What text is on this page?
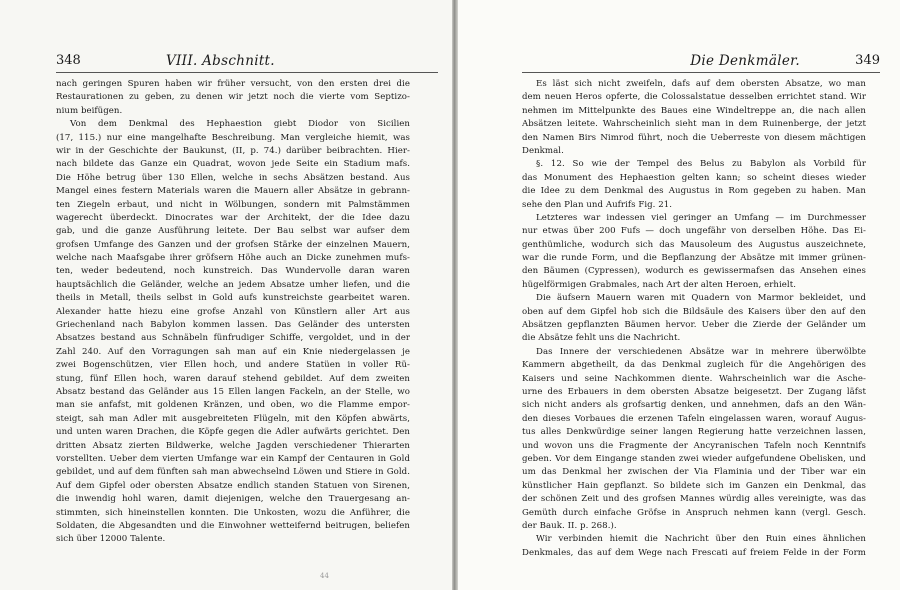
348	VIII. Abschnitt.
nach geringen Spuren haben wir früher versucht, von den ersten drei die
Restaurationen zu geben, zu denen wir jetzt noch die vierte vom Septizo-
nium beifügen.
Von dem Denkmal des Hephaestion giebt Diodor von Sicilien
(17, 115.) nur eine mangelhafte Beschreibung. Man vergleiche hiemit, was
wir in der Geschichte der Baukunst, (II, p. 74.) darüber beibrachten. Hier-
nach bildete das Ganze ein Quadrat, wovon jede Seite ein Stadium mafs.
Die Höhe betrug über 130 Ellen, welche in sechs Absätzen bestand. Aus
Mangel eines festern Materials waren die Mauern aller Absätze in gebrann-
ten Ziegeln erbaut, und nicht in Wölbungen, sondern mit Palmstämmen
wagerecht überdeckt. Dinocrates war der Architekt, der die Idee dazu
gab, und die ganze Ausführung leitete. Der Bau selbst war aufser dem
grofsen Umfange des Ganzen und der grofsen Stärke der einzelnen Mauern,
welche nach Maafsgabe ihrer gröfsern Höhe auch an Dicke zunehmen mufs-
ten, weder bedeutend, noch kunstreich. Das Wundervolle daran waren
hauptsächlich die Geländer, welche an jedem Absatze umher liefen, und die
theils in Metall, theils selbst in Gold aufs kunstreichste gearbeitet waren.
Alexander hatte hiezu eine grofse Anzahl von Künstlern aller Art aus
Griechenland nach Babylon kommen lassen. Das Geländer des untersten
Absatzes bestand aus Schnäbeln fünfrudiger Schiffe, vergoldet, und in der
Zahl 240. Auf den Vorragungen sah man auf ein Knie niedergelassen je
zwei Bogenschützen, vier Ellen hoch, und andere Statüen in voller Rü-
stung, fünf Ellen hoch, waren darauf stehend gebildet. Auf dem zweiten
Absatz bestand das Geländer aus 15 Ellen langen Fackeln, an der Stelle, wo
man sie anfafst, mit goldenen Kränzen, und oben, wo die Flamme empor-
steigt, sah man Adler mit ausgebreiteten Flügeln, mit den Köpfen abwärts,
und unten waren Drachen, die Köpfe gegen die Adler aufwärts gerichtet. Den
dritten Absatz zierten Bildwerke, welche Jagden verschiedener Thierarten
vorstellten. Ueber dem vierten Umfange war ein Kampf der Centauren in Gold
gebildet, und auf dem fünften sah man abwechselnd Löwen und Stiere in Gold.
Auf dem Gipfel oder obersten Absatze endlich standen Statuen von Sirenen,
die inwendig hohl waren, damit diejenigen, welche den Trauergesang an-
stimmten, sich hineinstellen konnten. Die Unkosten, wozu die Anführer, die
Soldaten, die Abgesandten und die Einwohner wetteifernd beitrugen, beliefen
sich über 12000 Talente.
44
Die Denkmäler.	349
Es läst sich nicht zweifeln, dafs auf dem obersten Absatze, wo man
dem neuen Heros opferte, die Colossalstatue desselben errichtet stand. Wir
nehmen im Mittelpunkte des Baues eine Windeltreppe an, die nach allen
Absätzen leitete. Wahrscheinlich sieht man in dem Ruinenberge, der jetzt
den Namen Birs Nimrod führt, noch die Ueberreste von diesem mächtigen
Denkmal.
§. 12. So wie der Tempel des Belus zu Babylon als Vorbild für
das Monument des Hephaestion gelten kann; so scheint dieses wieder
die Idee zu dem Denkmal des Augustus in Rom gegeben zu haben. Man
sehe den Plan und Aufrifs Fig. 21.
Letzteres war indessen viel geringer an Umfang — im Durchmesser
nur etwas über 200 Fufs — doch ungefähr von derselben Höhe. Das Ei-
genthümliche, wodurch sich das Mausoleum des Augustus auszeichnete,
war die runde Form, und die Bepflanzung der Absätze mit immer grünen-
den Bäumen (Cypressen), wodurch es gewissermafsen das Ansehen eines
hügelförmigen Grabmales, nach Art der alten Heroen, erhielt.
Die äufsern Mauern waren mit Quadern von Marmor bekleidet, und
oben auf dem Gipfel hob sich die Bildsäule des Kaisers über den auf den
Absätzen gepflanzten Bäumen hervor. Ueber die Zierde der Geländer um
die Absätze fehlt uns die Nachricht.
Das Innere der verschiedenen Absätze war in mehrere überwölbte
Kammern abgetheilt, da das Denkmal zugleich für die Angehörigen des
Kaisers und seine Nachkommen diente. Wahrscheinlich war die Asche-
urne des Erbauers in dem obersten Absatze beigesetzt. Der Zugang läfst
sich nicht anders als grofsartig denken, und annehmen, dafs an den Wän-
den dieses Vorbaues die erzenen Tafeln eingelassen waren, worauf Augus-
tus alles Denkwürdige seiner langen Regierung hatte verzeichnen lassen,
und wovon uns die Fragmente der Ancyranischen Tafeln noch Kenntnifs
geben. Vor dem Eingange standen zwei wieder aufgefundene Obelisken, und
um das Denkmal her zwischen der Via Flaminia und der Tiber war ein
künstlicher Hain gepflanzt. So bildete sich im Ganzen ein Denkmal, das
der schönen Zeit und des grofsen Mannes würdig alles vereinigte, was das
Gemüth durch einfache Gröfse in Anspruch nehmen kann (vergl. Gesch.
der Bauk. II. p. 268.).
Wir verbinden hiemit die Nachricht über den Ruin eines ähnlichen
Denkmales, das auf dem Wege nach Frescati auf freiem Felde in der Form
